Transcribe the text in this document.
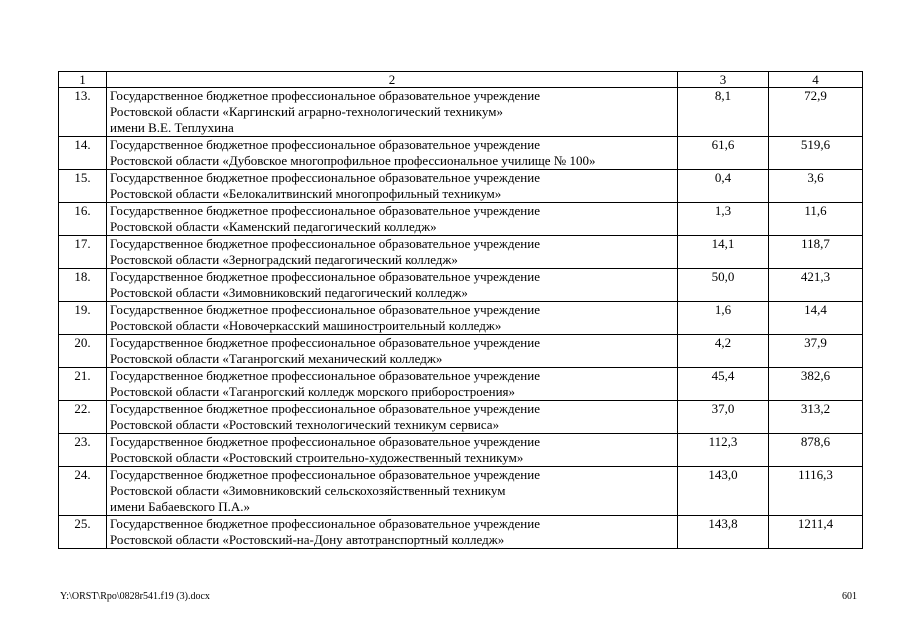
1	2	3	4
13.	Государственное бюджетное профессиональное образовательное учреждение
Ростовской области «Каргинский аграрно-технологический техникум»
имени В.Е. Теплухина	8,1	72,9
14.	Государственное бюджетное профессиональное образовательное учреждение
Ростовской области «Дубовское многопрофильное профессиональное училище № 100»	61,6	519,6
15.	Государственное бюджетное профессиональное образовательное учреждение
Ростовской области «Белокалитвинский многопрофильный техникум»	0,4	3,6
16.	Государственное бюджетное профессиональное образовательное учреждение
Ростовской области «Каменский педагогический колледж»	1,3	11,6
17.	Государственное бюджетное профессиональное образовательное учреждение
Ростовской области «Зерноградский педагогический колледж»	14,1	118,7
18.	Государственное бюджетное профессиональное образовательное учреждение
Ростовской области «Зимовниковский педагогический колледж»	50,0	421,3
19.	Государственное бюджетное профессиональное образовательное учреждение
Ростовской области «Новочеркасский машиностроительный колледж»	1,6	14,4
20.	Государственное бюджетное профессиональное образовательное учреждение
Ростовской области «Таганрогский механический колледж»	4,2	37,9
21.	Государственное бюджетное профессиональное образовательное учреждение
Ростовской области «Таганрогский колледж морского приборостроения»	45,4	382,6
22.	Государственное бюджетное профессиональное образовательное учреждение
Ростовской области «Ростовский технологический техникум сервиса»	37,0	313,2
23.	Государственное бюджетное профессиональное образовательное учреждение
Ростовской области «Ростовский строительно-художественный техникум»	112,3	878,6
24.	Государственное бюджетное профессиональное образовательное учреждение
Ростовской области «Зимовниковский сельскохозяйственный техникум
имени Бабаевского П.А.»	143,0	1116,3
25.	Государственное бюджетное профессиональное образовательное учреждение
Ростовской области «Ростовский-на-Дону автотранспортный колледж»	143,8	1211,4
Y:\ORST\Rpo\0828r541.f19 (3).docx	601
